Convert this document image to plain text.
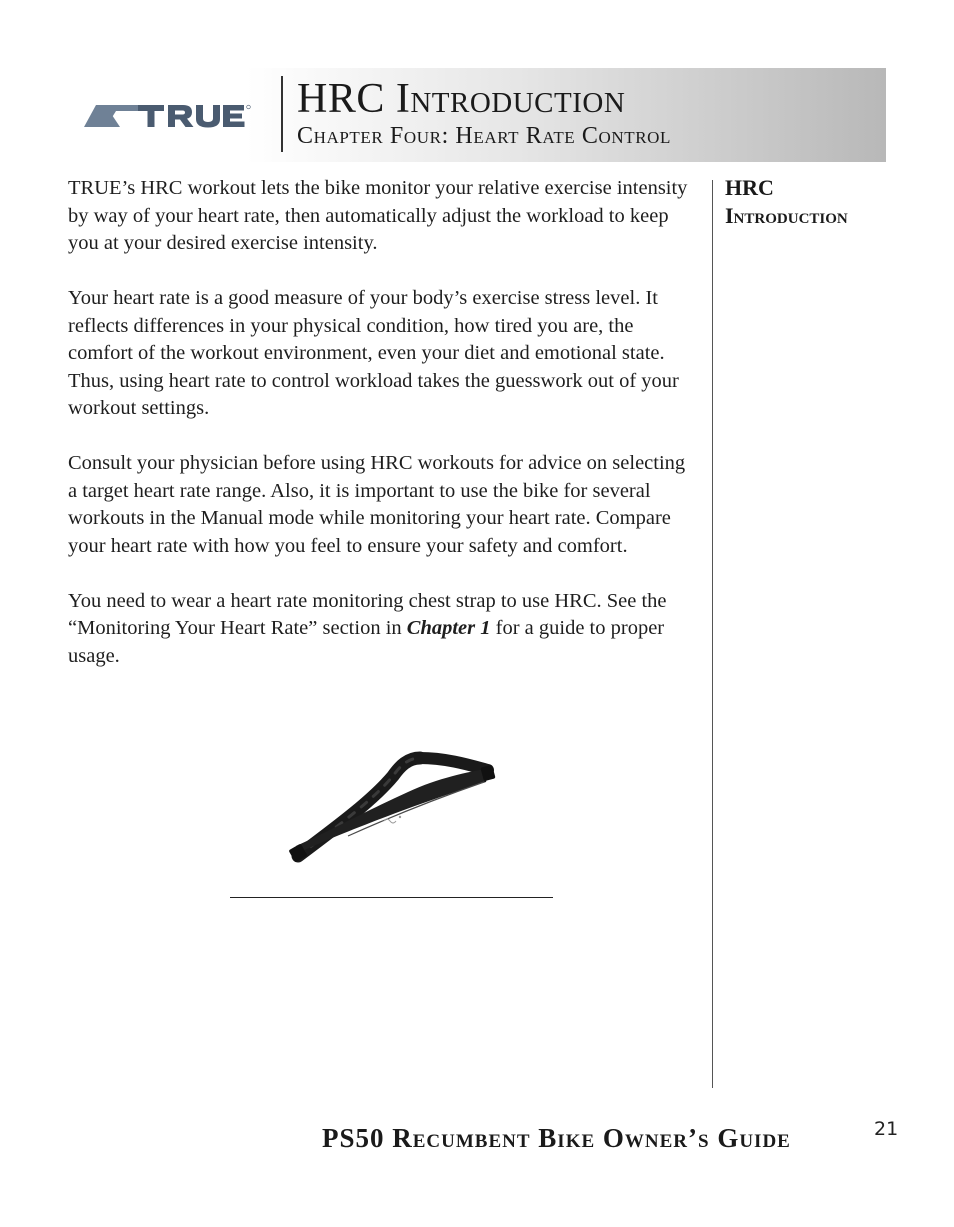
HRC Introduction
Chapter Four: Heart Rate Control

TRUE’s HRC workout lets the bike monitor your relative exercise intensity by way of your heart rate, then automatically adjust the workload to keep you at your desired exercise intensity.

Your heart rate is a good measure of your body’s exercise stress level. It reflects differences in your physical condition, how tired you are, the comfort of the workout environment, even your diet and emotional state. Thus, using heart rate to control workload takes the guesswork out of your workout settings.

Consult your physician before using HRC workouts for advice on selecting a target heart rate range. Also, it is important to use the bike for several workouts in the Manual mode while monitoring your heart rate. Compare your heart rate with how you feel to ensure your safety and comfort.

You need to wear a heart rate monitoring chest strap to use HRC. See the “Monitoring Your Heart Rate” section in Chapter 1 for a guide to proper usage.

HRC
Introduction
PS50 Recumbent Bike Owner’s Guide	21
